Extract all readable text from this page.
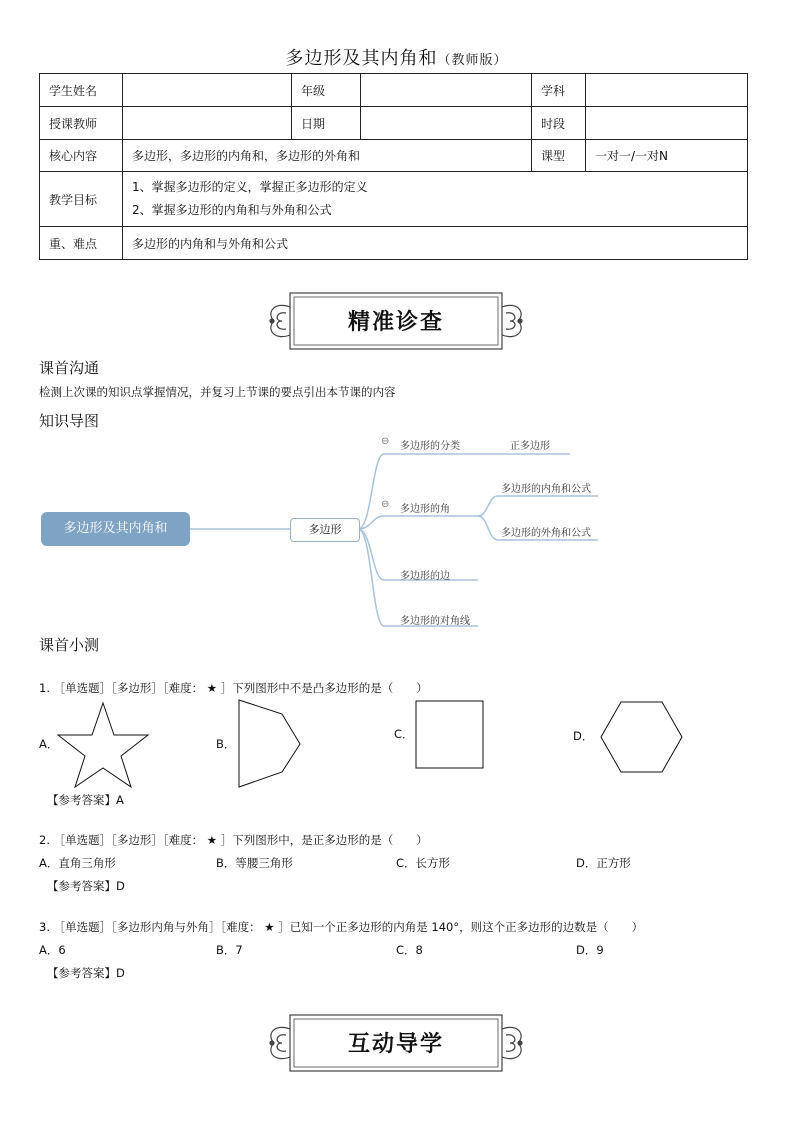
多边形及其内角和（教师版）
学生姓名		年级		学科	
授课教师		日期		时段	
核心内容	多边形，多边形的内角和，多边形的外角和			课型	一对一/一对N
教学目标	1、掌握多边形的定义，掌握正多边形的定义
2、掌握多边形的内角和与外角和公式				

重、难点	多边形的内角和与外角和公式				
精准诊查
课首沟通
检测上次课的知识点掌握情况，并复习上节课的要点引出本节课的内容
知识导图
多边形及其内角和	多边形
⊖ 多边形的分类	正多边形
⊖ 多边形的角
多边形的内角和公式
多边形的外角和公式
多边形的边
多边形的对角线
课首小测
1. ［单选题］［多边形］［难度： ★ ］下列图形中不是凸多边形的是（　　）
A．	B．
C．	D．
【参考答案】A
2. ［单选题］［多边形］［难度： ★ ］下列图形中，是正多边形的是（　　）
A．直角三角形	B．等腰三角形	C．长方形	D．正方形
【参考答案】D
3. ［单选题］［多边形内角与外角］［难度： ★ ］已知一个正多边形的内角是 140°，则这个正多边形的边数是（　　）
A．6	B．7	C．8	D．9
【参考答案】D
互动导学
